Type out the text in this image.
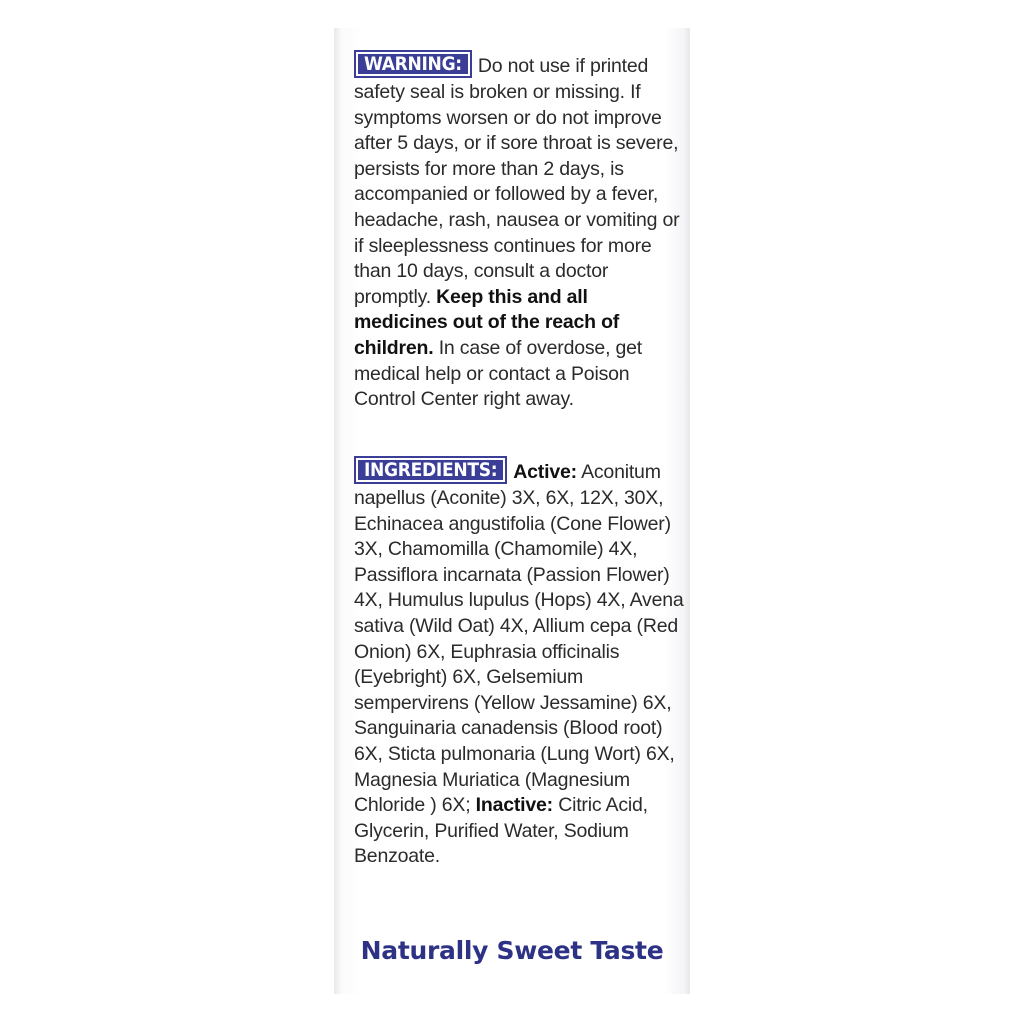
WARNING: Do not use if printed safety seal is broken or missing. If symptoms worsen or do not improve after 5 days, or if sore throat is severe, persists for more than 2 days, is accompanied or followed by a fever, headache, rash, nausea or vomiting or if sleeplessness continues for more than 10 days, consult a doctor promptly. Keep this and all medicines out of the reach of children. In case of overdose, get medical help or contact a Poison Control Center right away.
INGREDIENTS: Active: Aconitum napellus (Aconite) 3X, 6X, 12X, 30X, Echinacea angustifolia (Cone Flower) 3X, Chamomilla (Chamomile) 4X, Passiflora incarnata (Passion Flower) 4X, Humulus lupulus (Hops) 4X, Avena sativa (Wild Oat) 4X, Allium cepa (Red Onion) 6X, Euphrasia officinalis (Eyebright) 6X, Gelsemium sempervirens (Yellow Jessamine) 6X, Sanguinaria canadensis (Blood root) 6X, Sticta pulmonaria (Lung Wort) 6X, Magnesia Muriatica (Magnesium Chloride ) 6X; Inactive: Citric Acid, Glycerin, Purified Water, Sodium Benzoate.
Naturally Sweet Taste
